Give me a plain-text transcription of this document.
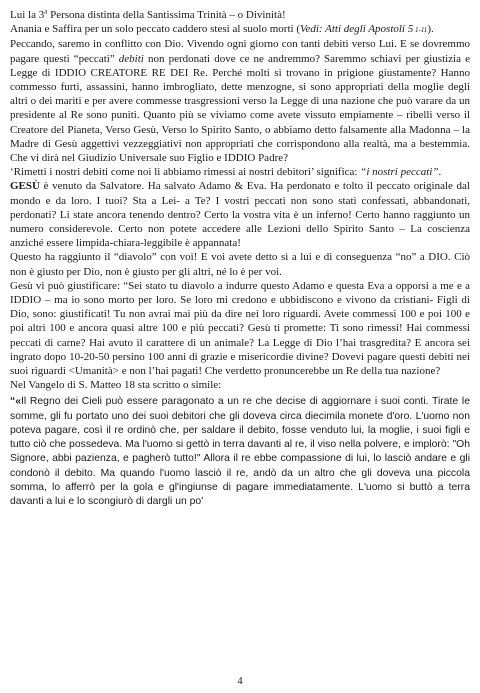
Lui la 3$^a$ Persona distinta della Santissima Trinità – o Divinità!

Anania e Saffira per un solo peccato caddero stesi al suolo morti (Vedi: Atti degli Apostoli 5 1-11).

Peccando, saremo in conflitto con Dio. Vivendo ogni giorno con tanti debiti verso Lui. E se dovremmo pagare questi “peccati” debiti non perdonati dove ce ne andremmo? Saremmo schiavi per giustizia e Legge di IDDIO CREATORE RE DEI Re. Perché molti si trovano in prigione giustamente? Hanno commesso furti, assassini, hanno imbrogliato, dette menzogne, si sono appropriati della moglie degli altri o dei mariti e per avere commesse trasgressioni verso la Legge di una nazione che può varare da un presidente al Re sono puniti. Quanto più se viviamo come avete vissuto empiamente – ribelli verso il Creatore del Pianeta, Verso Gesù, Verso lo Spirito Santo, o abbiamo detto falsamente alla Madonna – la Madre di Gesù aggettivi vezzeggiativi non appropriati che corrispondono alla realtà, ma a bestemmia. Che vi dirà nel Giudizio Universale suo Figlio e IDDIO Padre?

‘Rimetti i nostri debiti come noi li abbiamo rimessi ai nostri debitori’ significa: “i nostri peccati”.

GESÙ è venuto da Salvatore. Ha salvato Adamo & Eva. Ha perdonato e tolto il peccato originale dal mondo e da loro. I tuoi? Sta a Lei- a Te? I vostri peccati non sono stati confessati, abbandonati, perdonati? Li state ancora tenendo dentro? Certo la vostra vita è un inferno! Certo hanno raggiunto un numero considerevole. Certo non potete accedere alle Lezioni dello Spirito Santo – La coscienza anziché essere limpida-chiara-leggibile è appannata!

Questo ha raggiunto il “diavolo” con voi! E voi avete detto sì a lui e di conseguenza “no” a DIO. Ciò non è giusto per Dio, non è giusto per gli altri, né lo è per voi.

Gesù vi può giustificare: “Sei stato tu diavolo a indurre questo Adamo e questa Eva a opporsi a me e a IDDIO – ma io sono morto per loro. Se loro mi credono e ubbidiscono e vivono da cristiani- Figli di Dio, sono: giustificati! Tu non avrai mai più da dire nei loro riguardi. Avete commessi 100 e poi 100 e poi altri 100 e ancora quasi altre 100 e più peccati? Gesù ti promette: Ti sono rimessi! Hai commessi peccati di carne? Hai avuto il carattere di un animale? La Legge di Dio l’hai trasgredita? E ancora sei ingrato dopo 10-20-50 persino 100 anni di grazie e misericordie divine? Dovevi pagare questi debiti nei suoi riguardi <Umanità> e non l’hai pagati! Che verdetto pronuncerebbe un Re della tua nazione?

Nel Vangelo di S. Matteo 18 sta scritto o simile:

“«Il Regno dei Cieli può essere paragonato a un re che decise di aggiornare i suoi conti. Tirate le somme, gli fu portato uno dei suoi debitori che gli doveva circa diecimila monete d'oro. L'uomo non poteva pagare, così il re ordinò che, per saldare il debito, fosse venduto lui, la moglie, i suoi figli e tutto ciò che possedeva. Ma l'uomo si gettò in terra davanti al re, il viso nella polvere, e implorò: "Oh Signore, abbi pazienza, e pagherò tutto!" Allora il re ebbe compassione di lui, lo lasciò andare e gli condonò il debito. Ma quando l'uomo lasciò il re, andò da un altro che gli doveva una piccola somma, lo afferrò per la gola e gl'ingiunse di pagare immediatamente. L'uomo si buttò a terra davanti a lui e lo scongiurò di dargli un po'

4
